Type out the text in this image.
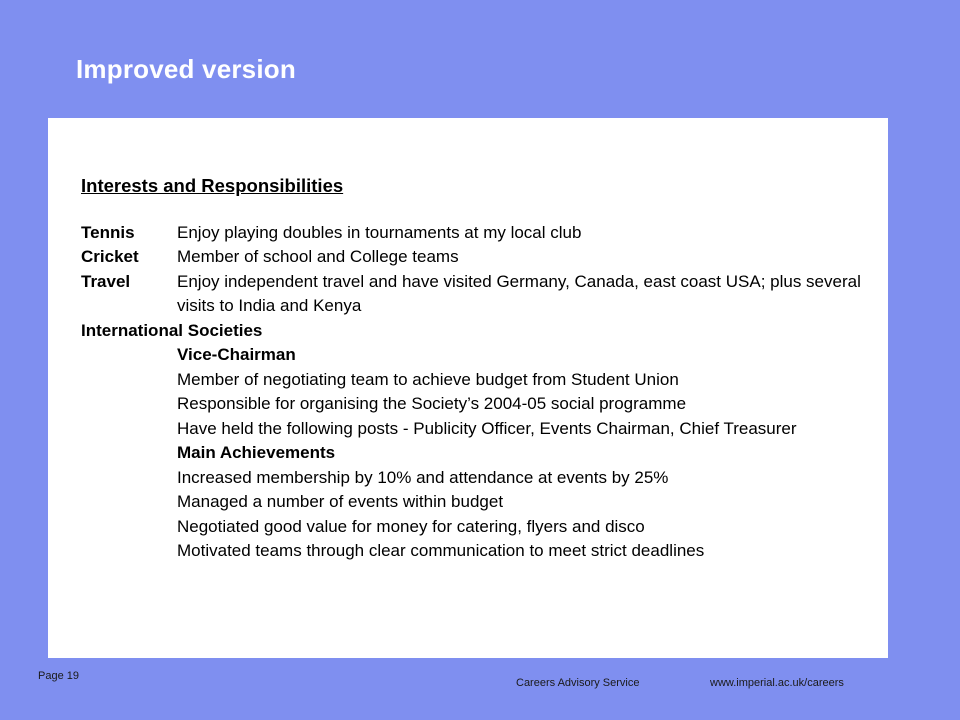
Improved version
Interests and Responsibilities
Tennis	Enjoy playing doubles in tournaments at my local club
Cricket	Member of school and College teams
Travel	Enjoy independent travel and have visited Germany, Canada, east coast USA; plus several visits to India and Kenya
International Societies
Vice-Chairman
Member of negotiating team to achieve budget from Student Union
Responsible for organising the Society’s 2004-05 social programme
Have held the following posts - Publicity Officer, Events Chairman, Chief Treasurer
Main Achievements
Increased membership by 10% and attendance at events by 25%
Managed a number of events within budget
Negotiated good value for money for catering, flyers and disco
Motivated teams through clear communication to meet strict deadlines
Page 19
Careers Advisory Service	www.imperial.ac.uk/careers
